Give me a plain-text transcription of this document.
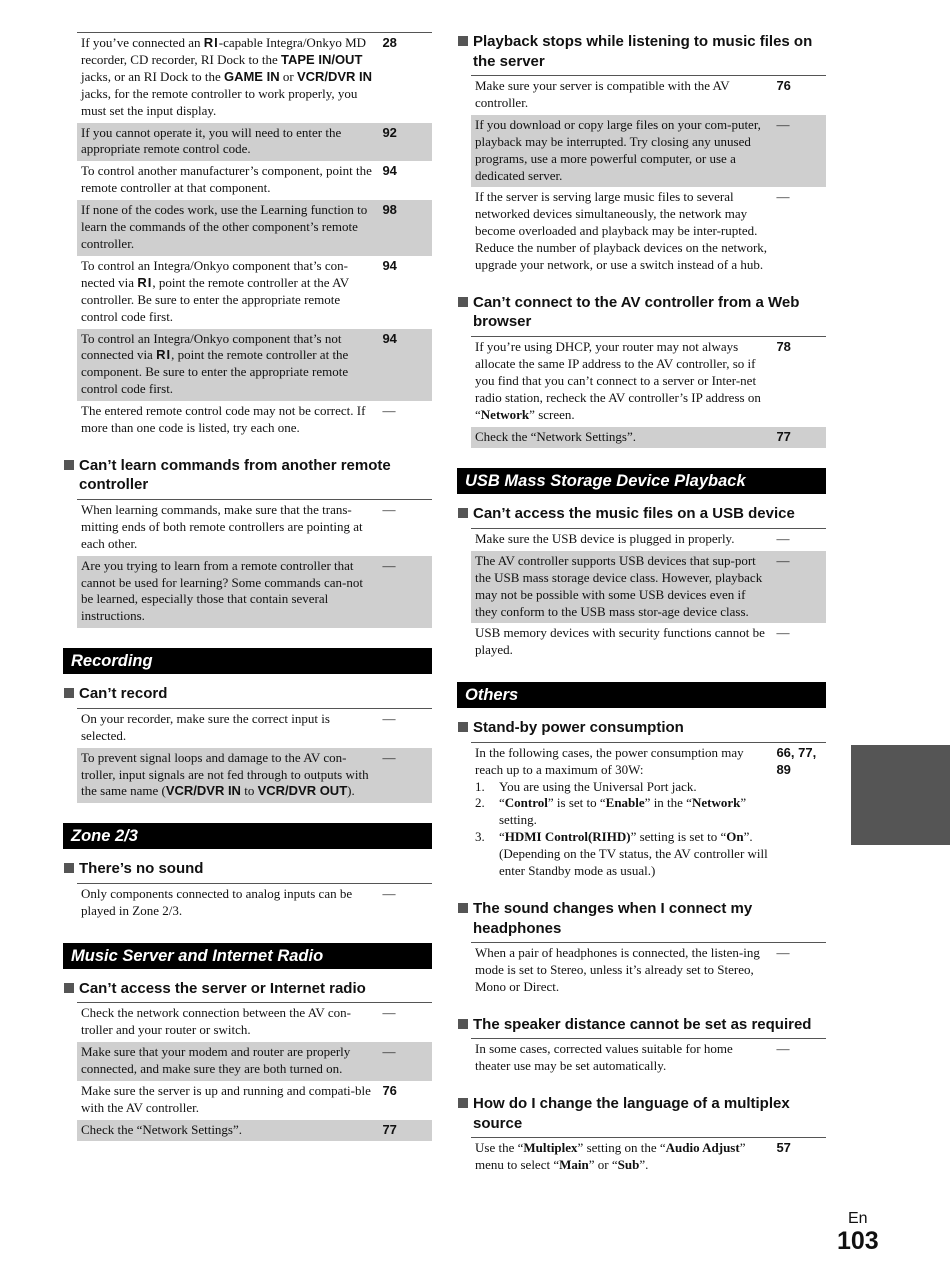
If you’ve connected an RI-capable Integra/Onkyo MD recorder, CD recorder, RI Dock to the TAPE IN/OUT jacks, or an RI Dock to the GAME IN or VCR/DVR IN jacks, for the remote controller to work properly, you must set the input display.
28
If you cannot operate it, you will need to enter the appropriate remote control code.
92
To control another manufacturer’s component, point the remote controller at that component.
94
If none of the codes work, use the Learning function to learn the commands of the other component’s remote controller.
98
To control an Integra/Onkyo component that’s con-nected via RI, point the remote controller at the AV controller. Be sure to enter the appropriate remote control code first.
94
To control an Integra/Onkyo component that’s not connected via RI, point the remote controller at the component. Be sure to enter the appropriate remote control code first.
94
The entered remote control code may not be correct. If more than one code is listed, try each one.
—
Can’t learn commands from another remote controller
When learning commands, make sure that the trans-mitting ends of both remote controllers are pointing at each other.
—
Are you trying to learn from a remote controller that cannot be used for learning? Some commands can-not be learned, especially those that contain several instructions.
—
Recording
Can’t record
On your recorder, make sure the correct input is selected.
—
To prevent signal loops and damage to the AV con-troller, input signals are not fed through to outputs with the same name (VCR/DVR IN to VCR/DVR OUT).
—
Zone 2/3
There’s no sound
Only components connected to analog inputs can be played in Zone 2/3.
—
Music Server and Internet Radio
Can’t access the server or Internet radio
Check the network connection between the AV con-troller and your router or switch.
—
Make sure that your modem and router are properly connected, and make sure they are both turned on.
—
Make sure the server is up and running and compati-ble with the AV controller.
76
Check the “Network Settings”.	77
Playback stops while listening to music files on the server
Make sure your server is compatible with the AV controller.
76
If you download or copy large files on your com-puter, playback may be interrupted. Try closing any unused programs, use a more powerful computer, or use a dedicated server.
—
If the server is serving large music files to several networked devices simultaneously, the network may become overloaded and playback may be inter-rupted. Reduce the number of playback devices on the network, upgrade your network, or use a switch instead of a hub.
—
Can’t connect to the AV controller from a Web browser
If you’re using DHCP, your router may not always allocate the same IP address to the AV controller, so if you find that you can’t connect to a server or Inter-net radio station, recheck the AV controller’s IP address on “Network” screen.
78
Check the “Network Settings”.	77
USB Mass Storage Device Playback
Can’t access the music files on a USB device
Make sure the USB device is plugged in properly.	—
The AV controller supports USB devices that sup-port the USB mass storage device class. However, playback may not be possible with some USB devices even if they conform to the USB mass stor-age device class.
—
USB memory devices with security functions cannot be played.
—
Others
Stand-by power consumption
In the following cases, the power consumption may reach up to a maximum of 30W:
1.	You are using the Universal Port jack.
2.	“Control” is set to “Enable” in the “Network” setting.
3.	“HDMI Control(RIHD)” setting is set to “On”. (Depending on the TV status, the AV controller will enter Standby mode as usual.)
66, 77, 89
The sound changes when I connect my headphones
When a pair of headphones is connected, the listen-ing mode is set to Stereo, unless it’s already set to Stereo, Mono or Direct.
—
The speaker distance cannot be set as required
In some cases, corrected values suitable for home theater use may be set automatically.
—
How do I change the language of a multiplex source
Use the “Multiplex” setting on the “Audio Adjust” menu to select “Main” or “Sub”.
57
En
103
